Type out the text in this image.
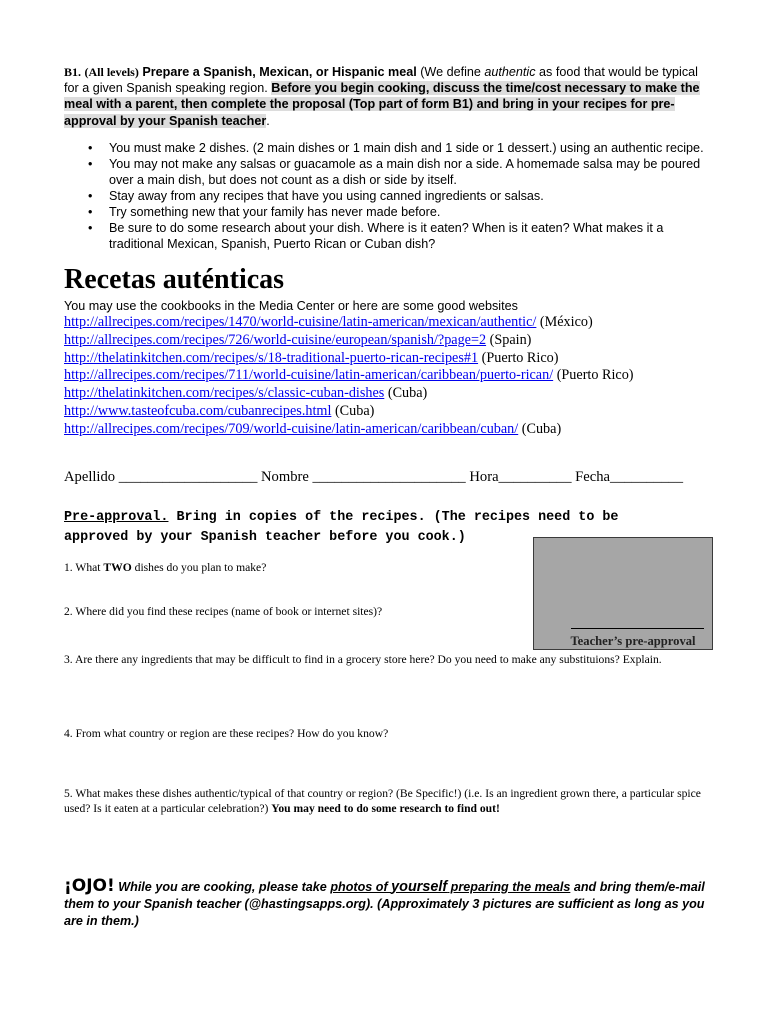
B1. (All levels) Prepare a Spanish, Mexican, or Hispanic meal (We define authentic as food that would be typical for a given Spanish speaking region. Before you begin cooking, discuss the time/cost necessary to make the meal with a parent, then complete the proposal (Top part of form B1) and bring in your recipes for pre-approval by your Spanish teacher.
• You must make 2 dishes. (2 main dishes or 1 main dish and 1 side or 1 dessert.) using an authentic recipe.
• You may not make any salsas or guacamole as a main dish nor a side. A homemade salsa may be poured over a main dish, but does not count as a dish or side by itself.
• Stay away from any recipes that have you using canned ingredients or salsas.
• Try something new that your family has never made before.
• Be sure to do some research about your dish. Where is it eaten? When is it eaten? What makes it a traditional Mexican, Spanish, Puerto Rican or Cuban dish?
Recetas auténticas
You may use the cookbooks in the Media Center or here are some good websites
http://allrecipes.com/recipes/1470/world-cuisine/latin-american/mexican/authentic/ (México)
http://allrecipes.com/recipes/726/world-cuisine/european/spanish/?page=2 (Spain)
http://thelatinkitchen.com/recipes/s/18-traditional-puerto-rican-recipes#1 (Puerto Rico)
http://allrecipes.com/recipes/711/world-cuisine/latin-american/caribbean/puerto-rican/ (Puerto Rico)
http://thelatinkitchen.com/recipes/s/classic-cuban-dishes (Cuba)
http://www.tasteofcuba.com/cubanrecipes.html (Cuba)
http://allrecipes.com/recipes/709/world-cuisine/latin-american/caribbean/cuban/ (Cuba)
Apellido ___________________ Nombre _____________________ Hora__________ Fecha__________
Pre-approval. Bring in copies of the recipes. (The recipes need to be approved by your Spanish teacher before you cook.)
Teacher’s pre-approval
1. What TWO dishes do you plan to make?
2. Where did you find these recipes (name of book or internet sites)?
3. Are there any ingredients that may be difficult to find in a grocery store here? Do you need to make any substituions? Explain.
4. From what country or region are these recipes? How do you know?
5. What makes these dishes authentic/typical of that country or region? (Be Specific!) (i.e. Is an ingredient grown there, a particular spice used? Is it eaten at a particular celebration?) You may need to do some research to find out!
¡OJO! While you are cooking, please take photos of yourself preparing the meals and bring them/e-mail them to your Spanish teacher (@hastingsapps.org). (Approximately 3 pictures are sufficient as long as you are in them.)
